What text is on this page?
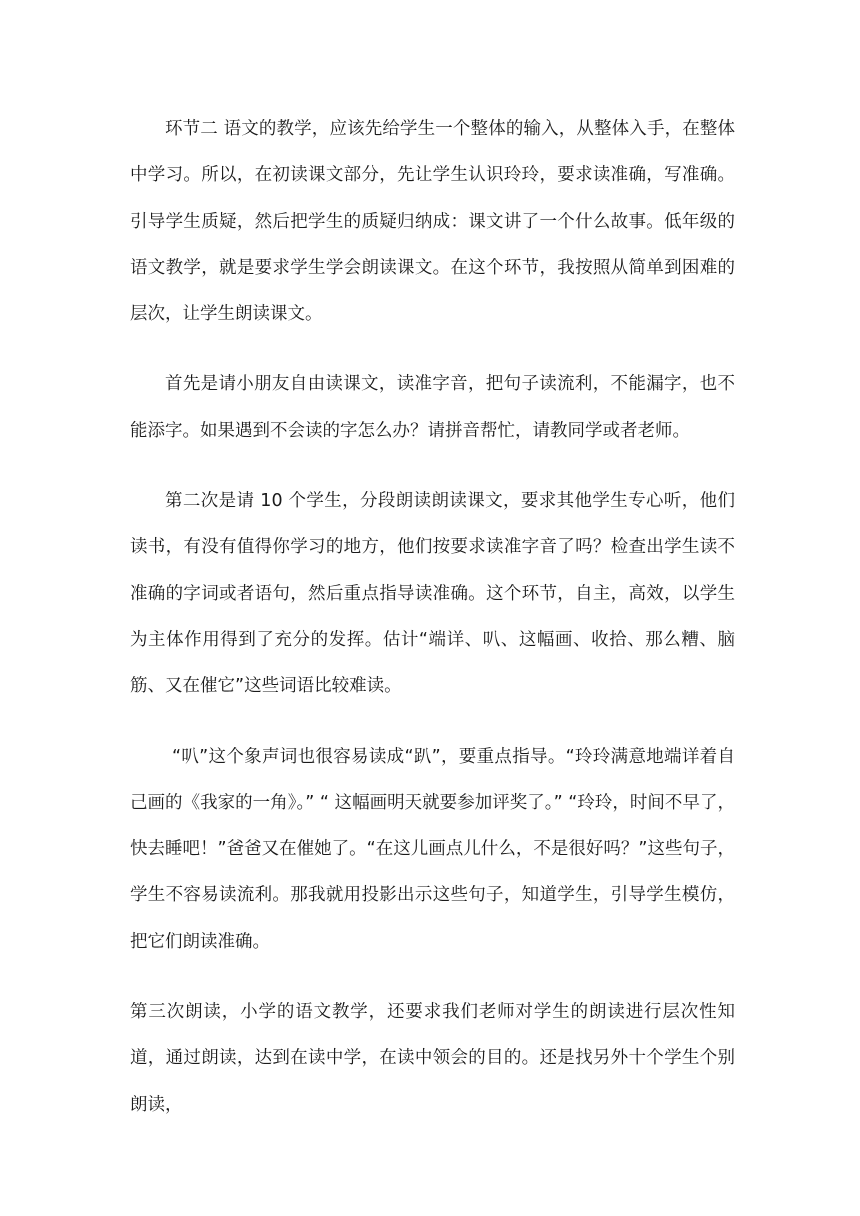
环节二 语文的教学，应该先给学生一个整体的输入，从整体入手，在整体中学习。所以，在初读课文部分，先让学生认识玲玲，要求读准确，写准确。引导学生质疑，然后把学生的质疑归纳成：课文讲了一个什么故事。低年级的语文教学，就是要求学生学会朗读课文。在这个环节，我按照从简单到困难的层次，让学生朗读课文。

首先是请小朋友自由读课文，读准字音，把句子读流利，不能漏字，也不能添字。如果遇到不会读的字怎么办？请拼音帮忙，请教同学或者老师。

第二次是请 10 个学生，分段朗读朗读课文，要求其他学生专心听，他们读书，有没有值得你学习的地方，他们按要求读准字音了吗？检查出学生读不准确的字词或者语句，然后重点指导读准确。这个环节，自主，高效，以学生为主体作用得到了充分的发挥。估计“端详、叭、这幅画、收拾、那么糟、脑筋、又在催它”这些词语比较难读。

“叭”这个象声词也很容易读成“趴”，要重点指导。“玲玲满意地端详着自己画的《我家的一角》。” “ 这幅画明天就要参加评奖了。” “玲玲，时间不早了，快去睡吧！”爸爸又在催她了。“在这儿画点儿什么，不是很好吗？”这些句子，学生不容易读流利。那我就用投影出示这些句子，知道学生，引导学生模仿，把它们朗读准确。

第三次朗读，小学的语文教学，还要求我们老师对学生的朗读进行层次性知道，通过朗读，达到在读中学，在读中领会的目的。还是找另外十个学生个别朗读，
